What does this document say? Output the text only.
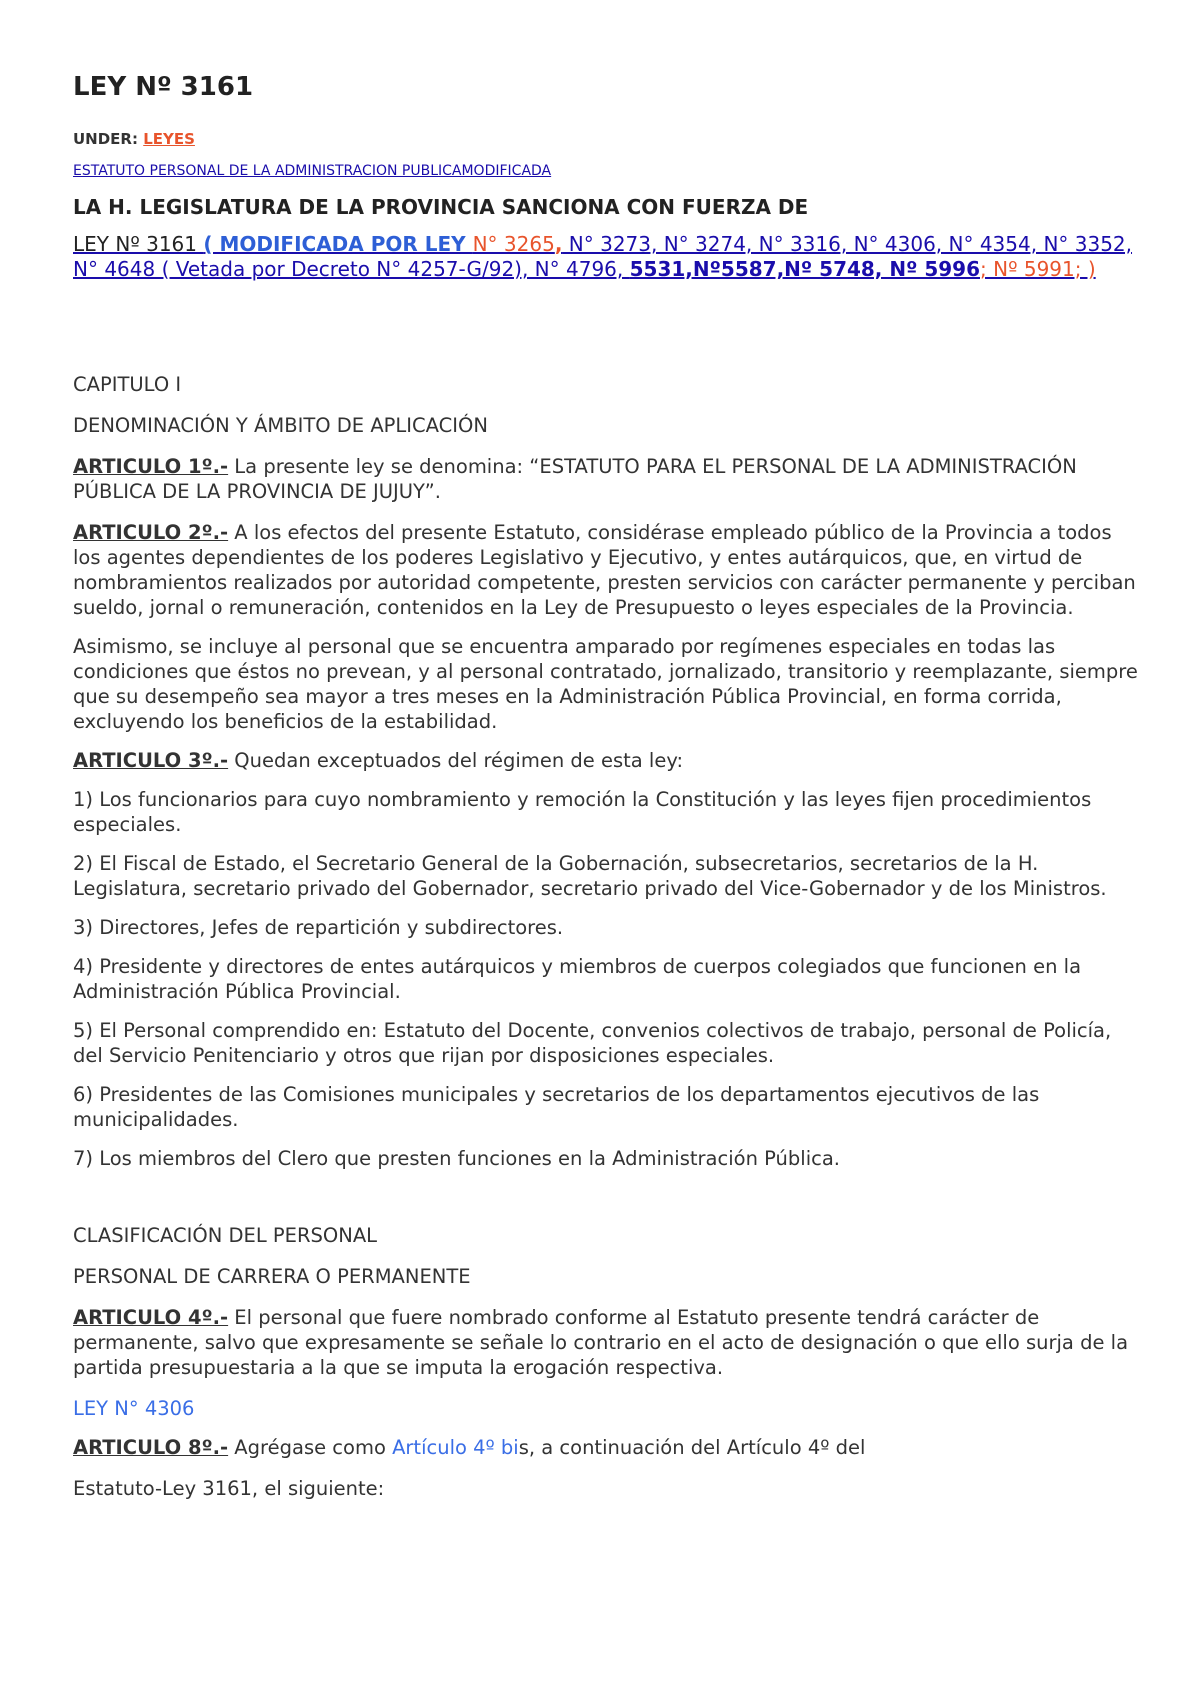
LEY Nº 3161

UNDER: LEYES

ESTATUTO PERSONAL DE LA ADMINISTRACION PUBLICAMODIFICADA

LA H. LEGISLATURA DE LA PROVINCIA SANCIONA CON FUERZA DE

LEY Nº 3161 ( MODIFICADA POR LEY N° 3265, N° 3273, N° 3274, N° 3316, N° 4306, N° 4354, N° 3352, N° 4648 ( Vetada por Decreto N° 4257-G/92), N° 4796, 5531,Nº5587,Nº 5748, Nº 5996; Nº 5991; )

CAPITULO I

DENOMINACIÓN Y ÁMBITO DE APLICACIÓN

ARTICULO 1º.- La presente ley se denomina: “ESTATUTO PARA EL PERSONAL DE LA ADMINISTRACIÓN PÚBLICA DE LA PROVINCIA DE JUJUY”.

ARTICULO 2º.- A los efectos del presente Estatuto, considérase empleado público de la Provincia a todos los agentes dependientes de los poderes Legislativo y Ejecutivo, y entes autárquicos, que, en virtud de nombramientos realizados por autoridad competente, presten servicios con carácter permanente y perciban sueldo, jornal o remuneración, contenidos en la Ley de Presupuesto o leyes especiales de la Provincia.

Asimismo, se incluye al personal que se encuentra amparado por regímenes especiales en todas las condiciones que éstos no prevean, y al personal contratado, jornalizado, transitorio y reemplazante, siempre que su desempeño sea mayor a tres meses en la Administración Pública Provincial, en forma corrida, excluyendo los beneficios de la estabilidad.

ARTICULO 3º.- Quedan exceptuados del régimen de esta ley:

1) Los funcionarios para cuyo nombramiento y remoción la Constitución y las leyes fijen procedimientos especiales.

2) El Fiscal de Estado, el Secretario General de la Gobernación, subsecretarios, secretarios de la H. Legislatura, secretario privado del Gobernador, secretario privado del Vice-Gobernador y de los Ministros.

3) Directores, Jefes de repartición y subdirectores.

4) Presidente y directores de entes autárquicos y miembros de cuerpos colegiados que funcionen en la Administración Pública Provincial.

5) El Personal comprendido en: Estatuto del Docente, convenios colectivos de trabajo, personal de Policía, del Servicio Penitenciario y otros que rijan por disposiciones especiales.

6) Presidentes de las Comisiones municipales y secretarios de los departamentos ejecutivos de las municipalidades.

7) Los miembros del Clero que presten funciones en la Administración Pública.

CLASIFICACIÓN DEL PERSONAL

PERSONAL DE CARRERA O PERMANENTE

ARTICULO 4º.- El personal que fuere nombrado conforme al Estatuto presente tendrá carácter de permanente, salvo que expresamente se señale lo contrario en el acto de designación o que ello surja de la partida presupuestaria a la que se imputa la erogación respectiva.

LEY N° 4306

ARTICULO 8º.- Agrégase como Artículo 4º bis, a continuación del Artículo 4º del

Estatuto-Ley 3161, el siguiente:
